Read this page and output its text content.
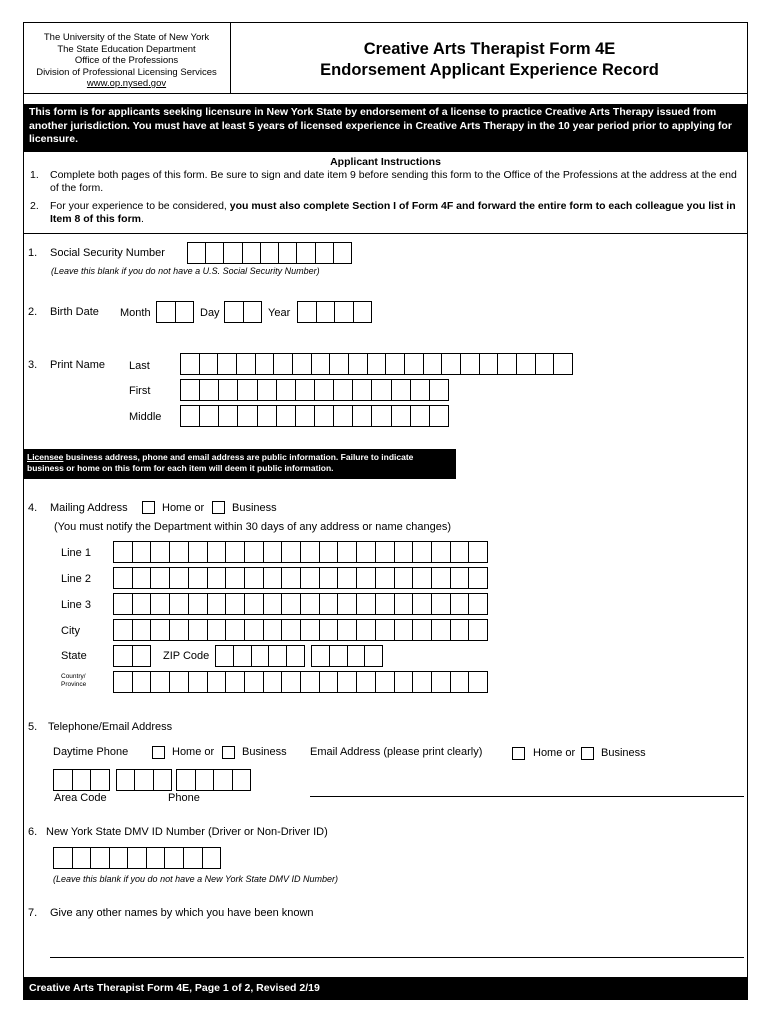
The University of the State of New York
The State Education Department
Office of the Professions
Division of Professional Licensing Services
www.op.nysed.gov
Creative Arts Therapist Form 4E
Endorsement Applicant Experience Record
This form is for applicants seeking licensure in New York State by endorsement of a license to practice Creative Arts Therapy issued from another jurisdiction. You must have at least 5 years of licensed experience in Creative Arts Therapy in the 10 year period prior to applying for licensure.
Applicant Instructions
1. Complete both pages of this form. Be sure to sign and date item 9 before sending this form to the Office of the Professions at the address at the end of the form.
2. For your experience to be considered, you must also complete Section I of Form 4F and forward the entire form to each colleague you list in Item 8 of this form.
1. Social Security Number
(Leave this blank if you do not have a U.S. Social Security Number)
2. Birth Date Month	Day	Year
3. Print Name Last
First
Middle
Licensee business address, phone and email address are public information. Failure to indicate business or home on this form for each item will deem it public information.
4. Mailing Address	Home or	Business
(You must notify the Department within 30 days of any address or name changes)
Line 1
Line 2
Line 3
City
State	ZIP Code
Country/ Province
5. Telephone/Email Address
Daytime Phone	Home or	Business Email Address (please print clearly)	Home or Business
Area Code	Phone
6. New York State DMV ID Number (Driver or Non-Driver ID)
(Leave this blank if you do not have a New York State DMV ID Number)
7. Give any other names by which you have been known
Creative Arts Therapist Form 4E, Page 1 of 2, Revised 2/19
